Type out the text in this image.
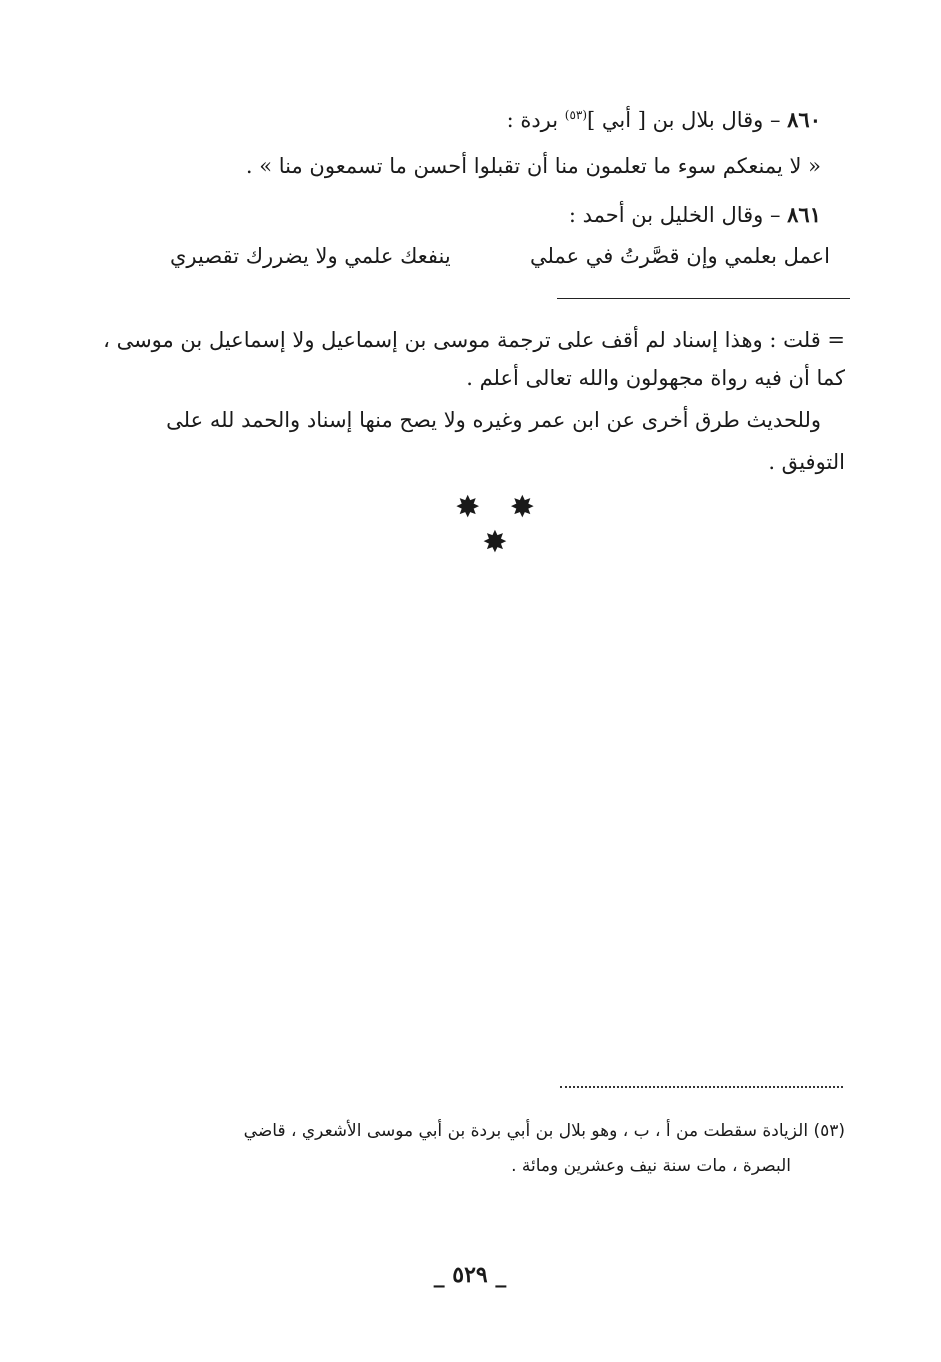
٨٦٠ – وقال بلال بن [ أبي ]$^{(٥٣)}$ بردة :
« لا يمنعكم سوء ما تعلمون منا أن تقبلوا أحسن ما تسمعون منا » .
٨٦١ – وقال الخليل بن أحمد :
اعمل بعلمي وإن قصَّرتُ في عملي
ينفعك علمي ولا يضررك تقصيري
= قلت : وهذا إسناد لم أقف على ترجمة موسى بن إسماعيل ولا إسماعيل بن موسى ،
كما أن فيه رواة مجهولون والله تعالى أعلم .
وللحديث طرق أخرى عن ابن عمر وغيره ولا يصح منها إسناد والحمد لله على
التوفيق .
✸ ✸ ✸
(٥٣) الزيادة سقطت من أ ، ب ، وهو بلال بن أبي بردة بن أبي موسى الأشعري ، قاضي
البصرة ، مات سنة نيف وعشرين ومائة .
_ ٥٢٩ _
